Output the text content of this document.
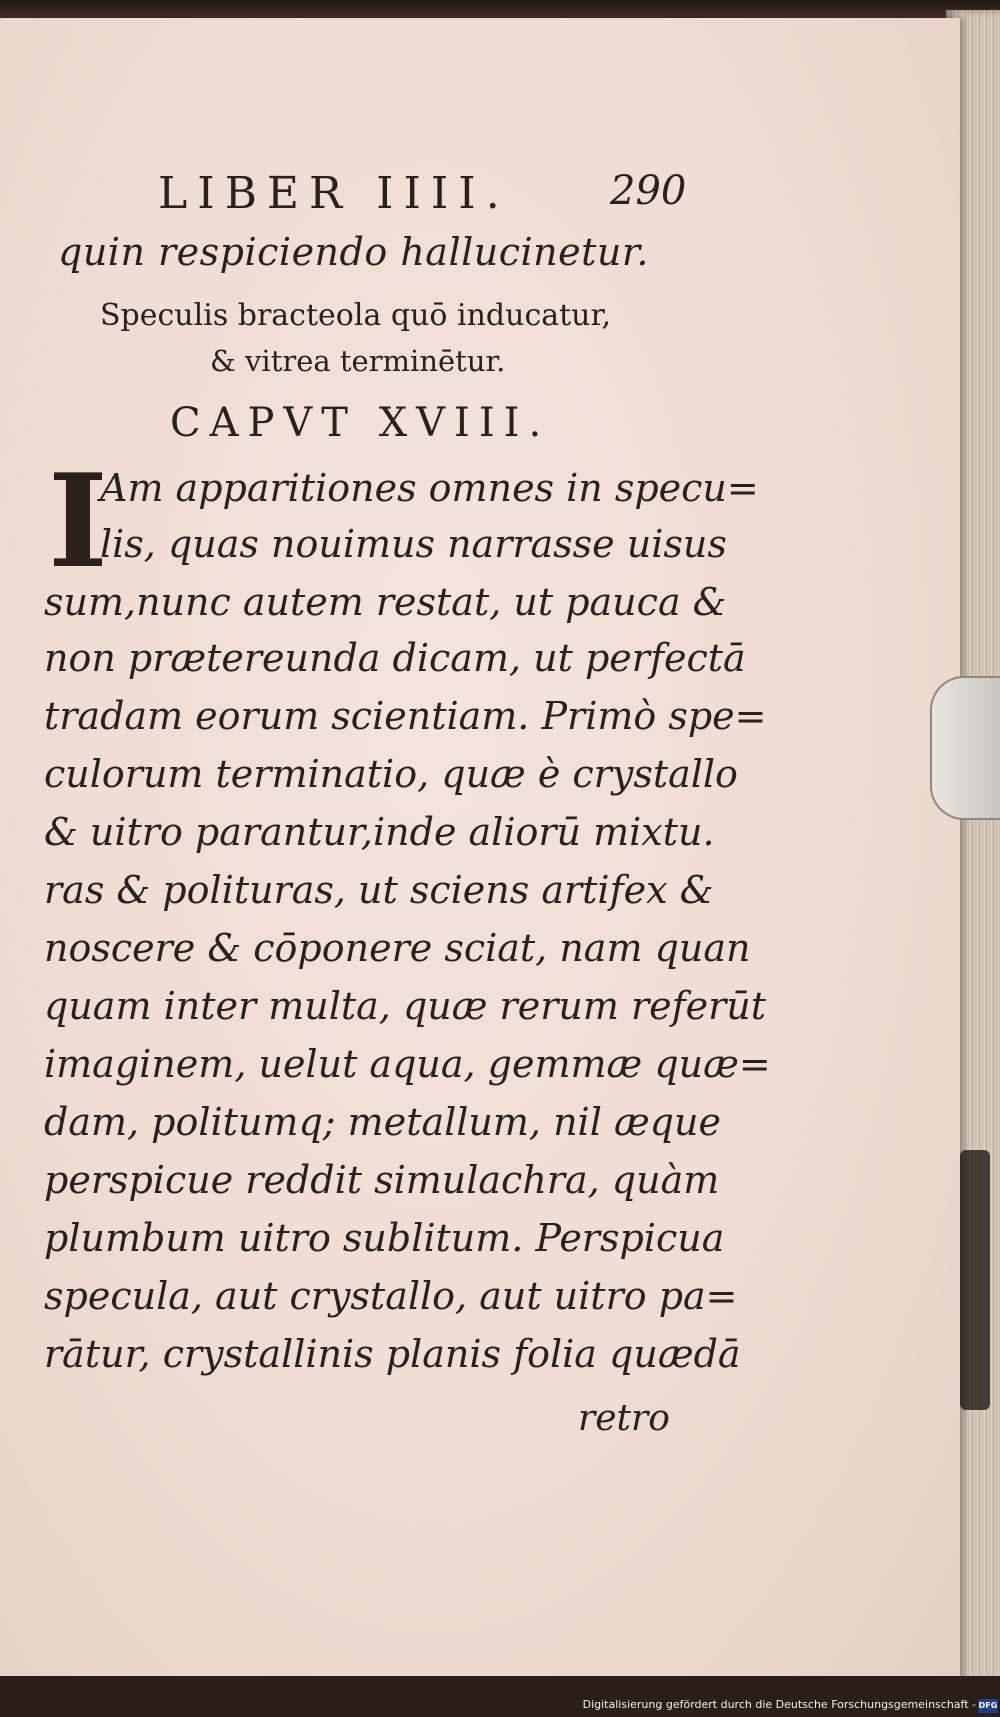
LIBER IIII.	290
quin respiciendo hallucinetur.
Speculis bracteola quō inducatur,
& vitrea terminētur.
CAPVT XVIII.
I
Am apparitiones omnes in specu=
lis, quas nouimus narrasse uisus
sum,nunc autem restat, ut pauca &
non prætereunda dicam, ut perfectā
tradam eorum scientiam. Primò spe=
culorum terminatio, quæ è crystallo
& uitro parantur,inde aliorū mixtu.
ras & polituras, ut sciens artifex &
noscere & cōponere sciat, nam quan
quam inter multa, quæ rerum referūt
imaginem, uelut aqua, gemmæ quæ=
dam, politumq; metallum, nil æque
perspicue reddit simulachra, quàm
plumbum uitro sublitum. Perspicua
specula, aut crystallo, aut uitro pa=
rātur, crystallinis planis folia quædā
retro
Digitalisierung gefördert durch die Deutsche Forschungsgemeinschaft - DFG
